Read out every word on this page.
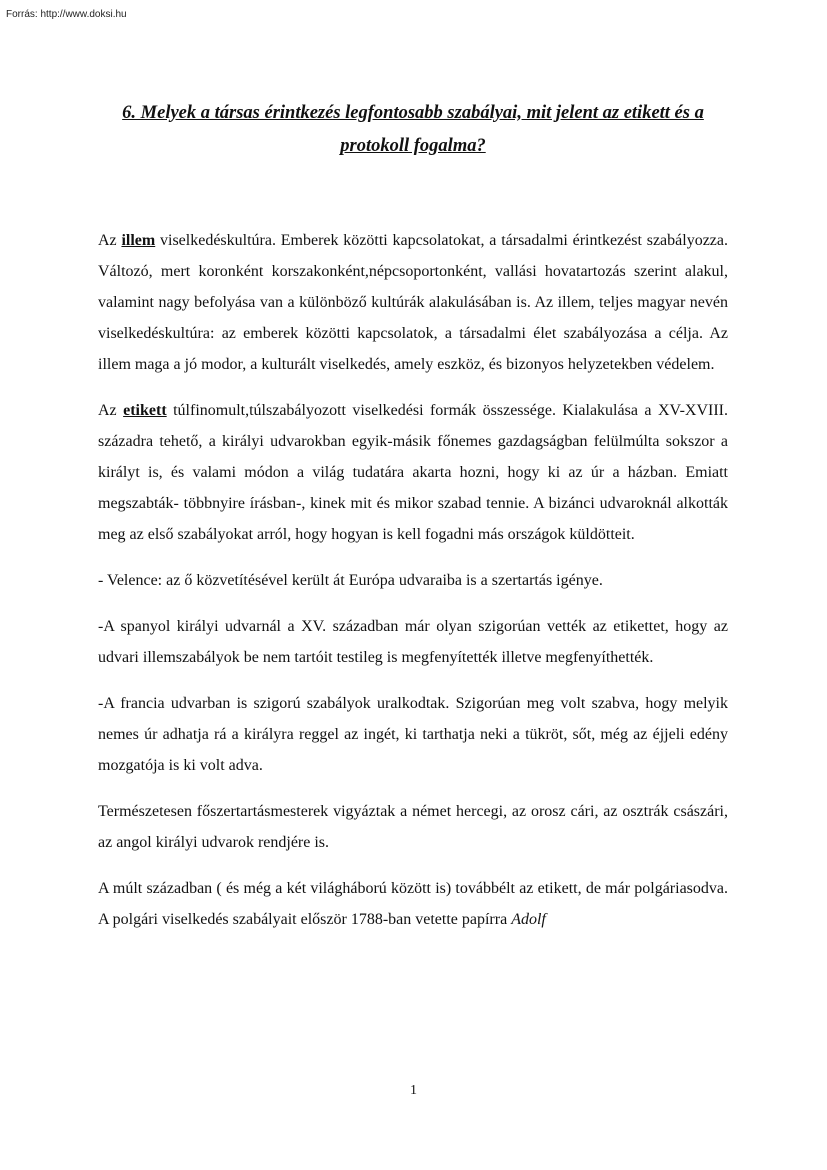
Forrás: http://www.doksi.hu

6. Melyek a társas érintkezés legfontosabb szabályai, mit jelent az etikett és a protokoll fogalma?

Az illem viselkedéskultúra. Emberek közötti kapcsolatokat, a társadalmi érintkezést szabályozza. Változó, mert koronként korszakonként,népcsoportonként, vallási hovatartozás szerint alakul, valamint nagy befolyása van a különböző kultúrák alakulásában is. Az illem, teljes magyar nevén viselkedéskultúra: az emberek közötti kapcsolatok, a társadalmi élet szabályozása a célja. Az illem maga a jó modor, a kulturált viselkedés, amely eszköz, és bizonyos helyzetekben védelem.

Az etikett túlfinomult,túlszabályozott viselkedési formák összessége. Kialakulása a XV-XVIII. századra tehető, a királyi udvarokban egyik-másik főnemes gazdagságban felülmúlta sokszor a királyt is, és valami módon a világ tudatára akarta hozni, hogy ki az úr a házban. Emiatt megszabták- többnyire írásban-, kinek mit és mikor szabad tennie. A bizánci udvaroknál alkották meg az első szabályokat arról, hogy hogyan is kell fogadni más országok küldötteit.

- Velence: az ő közvetítésével került át Európa udvaraiba is a szertartás igénye.

-A spanyol királyi udvarnál a XV. században már olyan szigorúan vették az etikettet, hogy az udvari illemszabályok be nem tartóit testileg is megfenyítették illetve megfenyíthették.

-A francia udvarban is szigorú szabályok uralkodtak. Szigorúan meg volt szabva, hogy melyik nemes úr adhatja rá a királyra reggel az ingét, ki tarthatja neki a tükröt, sőt, még az éjjeli edény mozgatója is ki volt adva.

Természetesen főszertartásmesterek vigyáztak a német hercegi, az orosz cári, az osztrák császári, az angol királyi udvarok rendjére is.

A múlt században ( és még a két világháború között is) továbbélt az etikett, de már polgáriasodva. A polgári viselkedés szabályait először 1788-ban vetette papírra Adolf

1
